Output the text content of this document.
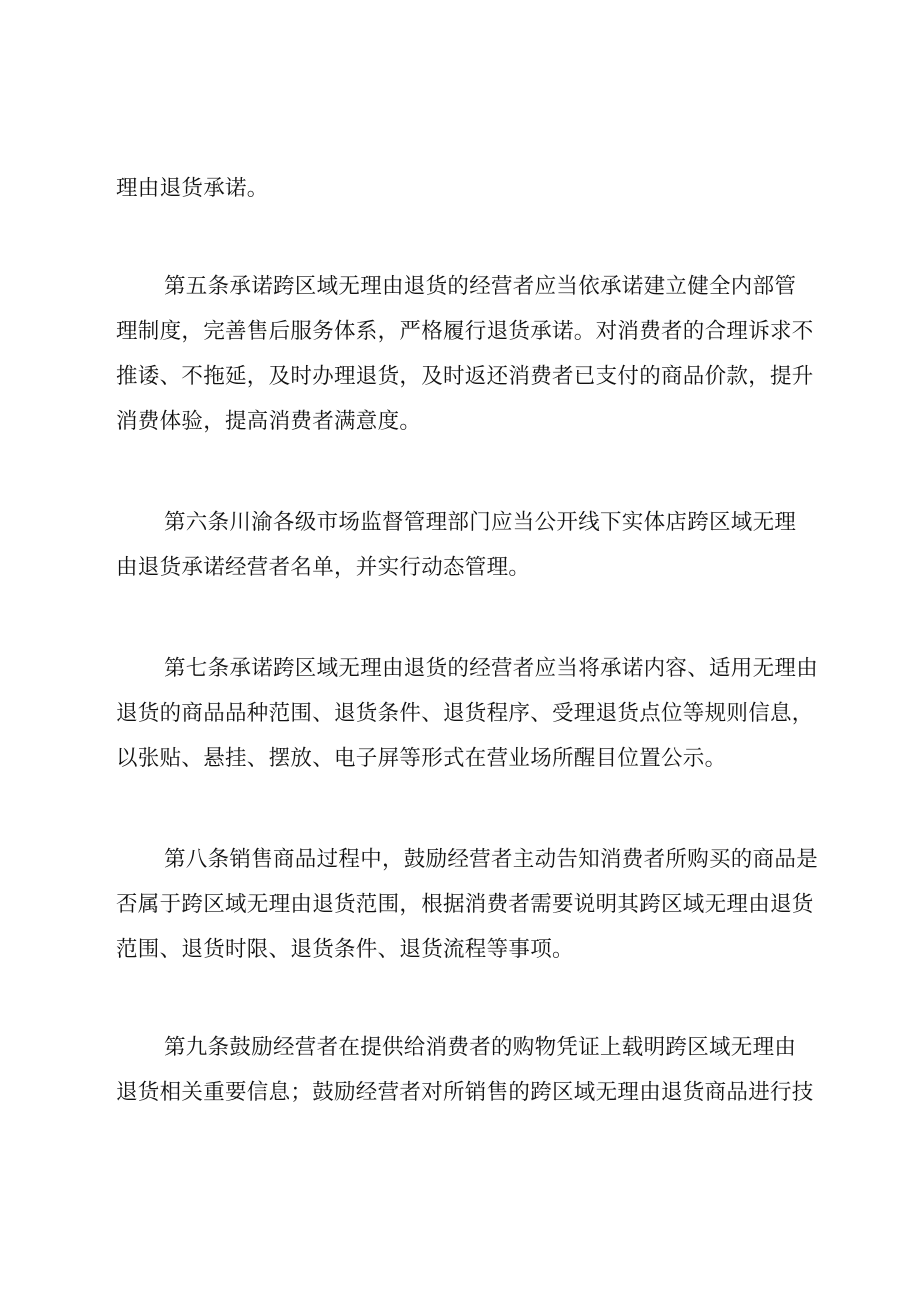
理由退货承诺。
第五条承诺跨区域无理由退货的经营者应当依承诺建立健全内部管
理制度，完善售后服务体系，严格履行退货承诺。对消费者的合理诉求不
推诿、不拖延，及时办理退货，及时返还消费者已支付的商品价款，提升
消费体验，提高消费者满意度。
第六条川渝各级市场监督管理部门应当公开线下实体店跨区域无理
由退货承诺经营者名单，并实行动态管理。
第七条承诺跨区域无理由退货的经营者应当将承诺内容、适用无理由
退货的商品品种范围、退货条件、退货程序、受理退货点位等规则信息，
以张贴、悬挂、摆放、电子屏等形式在营业场所醒目位置公示。
第八条销售商品过程中，鼓励经营者主动告知消费者所购买的商品是
否属于跨区域无理由退货范围，根据消费者需要说明其跨区域无理由退货
范围、退货时限、退货条件、退货流程等事项。
第九条鼓励经营者在提供给消费者的购物凭证上载明跨区域无理由
退货相关重要信息；鼓励经营者对所销售的跨区域无理由退货商品进行技
